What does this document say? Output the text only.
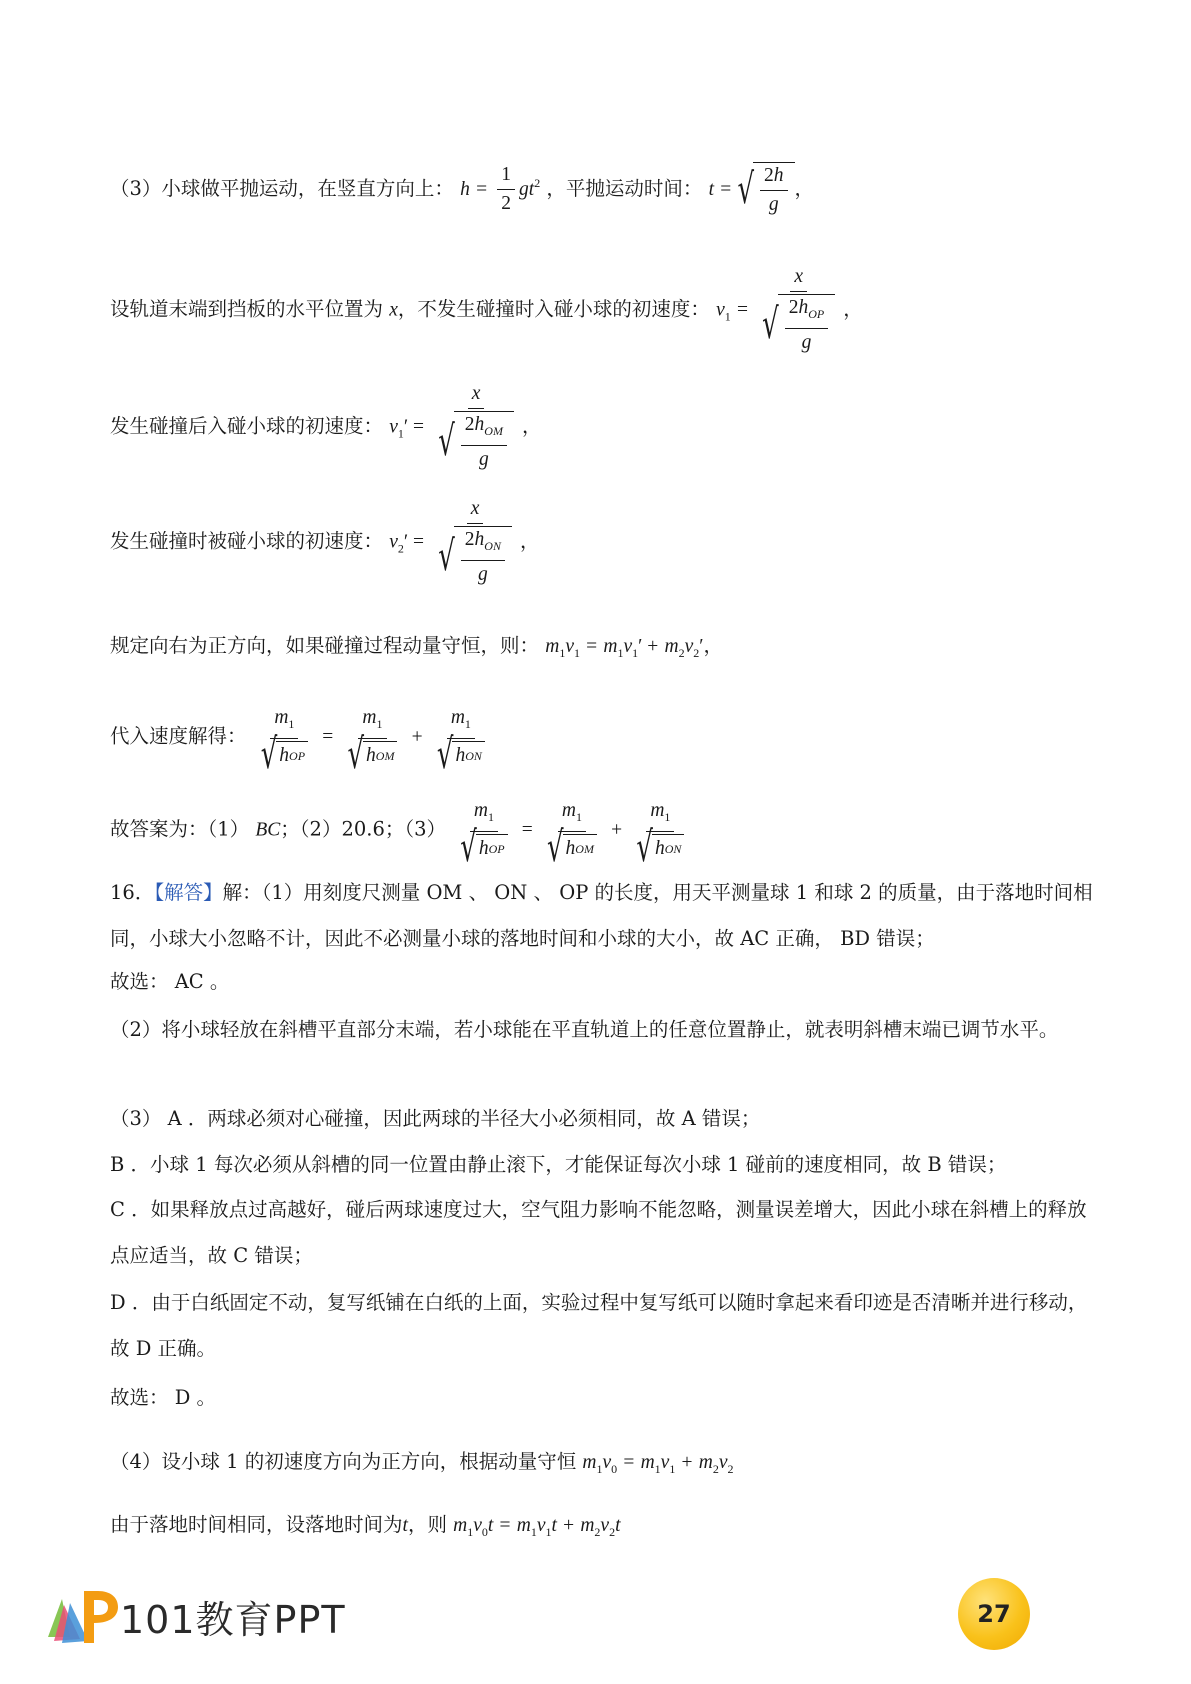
（3）小球做平抛运动，在竖直方向上： $h = \frac{1}{2} gt^2$ ，平抛运动时间： t = √ $\frac{2h}{g}$ ，
设轨道末端到挡板的水平位置为 x，不发生碰撞时入碰小球的初速度： $v_1 = \frac{x}{√ \frac{2h_{OP}}{g}}$ ，
发生碰撞后入碰小球的初速度： $v_1' = \frac{x}{√ \frac{2h_{OM}}{g}}$ ，
发生碰撞时被碰小球的初速度： $v_2' = \frac{x}{√ \frac{2h_{ON}}{g}}$ ，
规定向右为正方向，如果碰撞过程动量守恒，则： $m_1v_1 = m_1v_1' + m_2v_2'$，
代入速度解得： $\frac{m_1}{\text{√ h OP}} = \frac{m_1}{\text{√ h OM}} + \frac{m_1}{\text{√ h ON}}$
故答案为：（1） BC；（2）20.6；$(3) \frac{m_1}{\text{√ h OP}} = \frac{m_1}{\text{√ h OM}} + \frac{m_1}{\text{√ h ON}}$
16．【解答】解：（1）用刻度尺测量 OM 、 ON 、 OP 的长度，用天平测量球 1 和球 2 的质量，由于落地时间相同，小球大小忽略不计，因此不必测量小球的落地时间和小球的大小，故 AC 正确， BD 错误；
故选： AC 。
（2）将小球轻放在斜槽平直部分末端，若小球能在平直轨道上的任意位置静止，就表明斜槽末端已调节水平。
（3） A ．两球必须对心碰撞，因此两球的半径大小必须相同，故 A 错误；
B ．小球 1 每次必须从斜槽的同一位置由静止滚下，才能保证每次小球 1 碰前的速度相同，故 B 错误；
C ．如果释放点过高越好，碰后两球速度过大，空气阻力影响不能忽略，测量误差增大，因此小球在斜槽上的释放点应适当，故 C 错误；
D ．由于白纸固定不动，复写纸铺在白纸的上面，实验过程中复写纸可以随时拿起来看印迹是否清晰并进行移动，故 D 正确。
故选： D 。
（4）设小球 1 的初速度方向为正方向，根据动量守恒 $m_1v_0 = m_1v_1 + m_2v_2$
由于落地时间相同，设落地时间为t，则 $m_1v_0t = m_1v_1t + m_2v_2t$
101教育PPT	27
